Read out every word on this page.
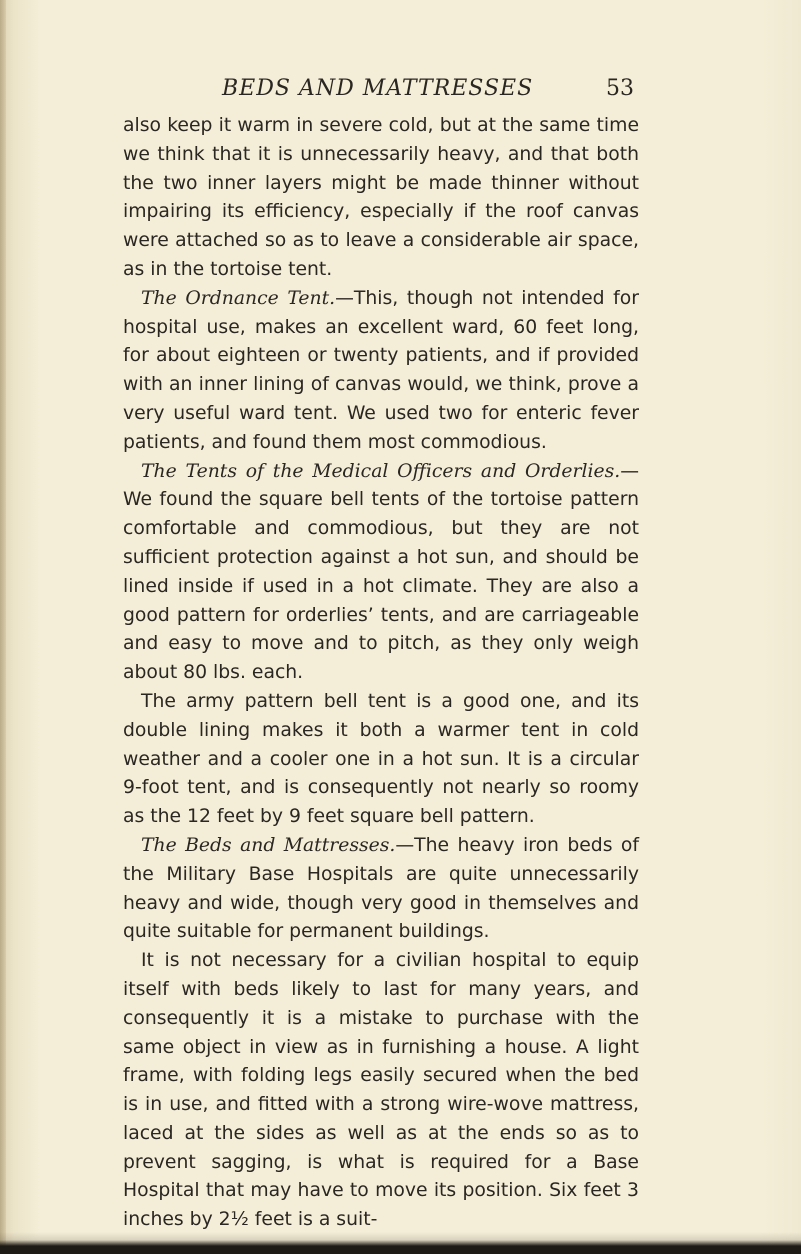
BEDS AND MATTRESSES	53

also keep it warm in severe cold, but at the same time we think that it is unnecessarily heavy, and that both the two inner layers might be made thinner without impairing its efficiency, especially if the roof canvas were attached so as to leave a considerable air space, as in the tortoise tent.

The Ordnance Tent.—This, though not intended for hospital use, makes an excellent ward, 60 feet long, for about eighteen or twenty patients, and if provided with an inner lining of canvas would, we think, prove a very useful ward tent. We used two for enteric fever patients, and found them most commodious.

The Tents of the Medical Officers and Orderlies.—We found the square bell tents of the tortoise pattern comfortable and commodious, but they are not sufficient protection against a hot sun, and should be lined inside if used in a hot climate. They are also a good pattern for orderlies’ tents, and are carriageable and easy to move and to pitch, as they only weigh about 80 lbs. each.

The army pattern bell tent is a good one, and its double lining makes it both a warmer tent in cold weather and a cooler one in a hot sun. It is a circular 9-foot tent, and is consequently not nearly so roomy as the 12 feet by 9 feet square bell pattern.

The Beds and Mattresses.—The heavy iron beds of the Military Base Hospitals are quite unnecessarily heavy and wide, though very good in themselves and quite suitable for permanent buildings.

It is not necessary for a civilian hospital to equip itself with beds likely to last for many years, and consequently it is a mistake to purchase with the same object in view as in furnishing a house. A light frame, with folding legs easily secured when the bed is in use, and fitted with a strong wire-wove mattress, laced at the sides as well as at the ends so as to prevent sagging, is what is required for a Base Hospital that may have to move its position. Six feet 3 inches by 2½ feet is a suit-
